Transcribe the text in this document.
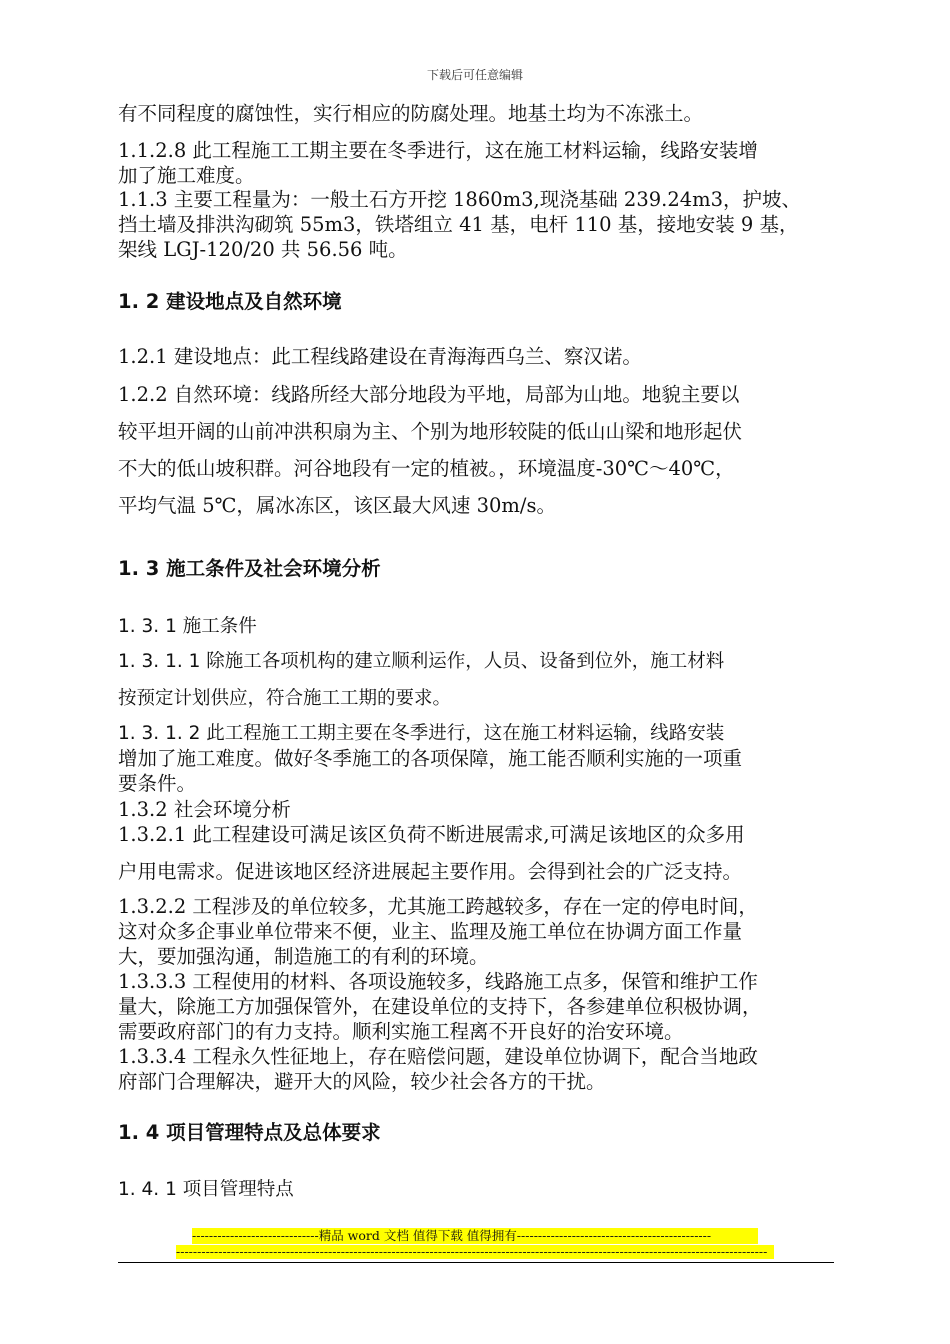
下载后可任意编辑
有不同程度的腐蚀性，实行相应的防腐处理。地基土均为不冻涨土。
1.1.2.8 此工程施工工期主要在冬季进行，这在施工材料运输，线路安装增
加了施工难度。
1.1.3 主要工程量为：一般土石方开挖 1860m3,现浇基础 239.24m3，护坡、
挡土墙及排洪沟砌筑 55m3，铁塔组立 41 基，电杆 110 基，接地安装 9 基，
架线 LGJ-120/20 共 56.56 吨。
1. 2 建设地点及自然环境
1.2.1 建设地点：此工程线路建设在青海海西乌兰、察汉诺。
1.2.2 自然环境：线路所经大部分地段为平地，局部为山地。地貌主要以
较平坦开阔的山前冲洪积扇为主、个别为地形较陡的低山山梁和地形起伏
不大的低山坡积群。河谷地段有一定的植被。，环境温度-30℃～40℃，
平均气温 5℃，属冰冻区，该区最大风速 30m/s。
1. 3 施工条件及社会环境分析
1. 3. 1 施工条件
1. 3. 1. 1 除施工各项机构的建立顺利运作，人员、设备到位外，施工材料
按预定计划供应，符合施工工期的要求。
1. 3. 1. 2 此工程施工工期主要在冬季进行，这在施工材料运输，线路安装
增加了施工难度。做好冬季施工的各项保障，施工能否顺利实施的一项重
要条件。
1.3.2 社会环境分析
1.3.2.1 此工程建设可满足该区负荷不断进展需求,可满足该地区的众多用
户用电需求。促进该地区经济进展起主要作用。会得到社会的广泛支持。
1.3.2.2 工程涉及的单位较多，尤其施工跨越较多，存在一定的停电时间，
这对众多企事业单位带来不便，业主、监理及施工单位在协调方面工作量
大，要加强沟通，制造施工的有利的环境。
1.3.3.3 工程使用的材料、各项设施较多，线路施工点多，保管和维护工作
量大，除施工方加强保管外，在建设单位的支持下，各参建单位积极协调，
需要政府部门的有力支持。顺利实施工程离不开良好的治安环境。
1.3.3.4 工程永久性征地上，存在赔偿问题，建设单位协调下，配合当地政
府部门合理解决，避开大的风险，较少社会各方的干扰。
1. 4 项目管理特点及总体要求
1. 4. 1 项目管理特点
------------------------------精品 word 文档 值得下载 值得拥有----------------------------------------------
--------------------------------------------------------------------------------------------------------------------------------------------
